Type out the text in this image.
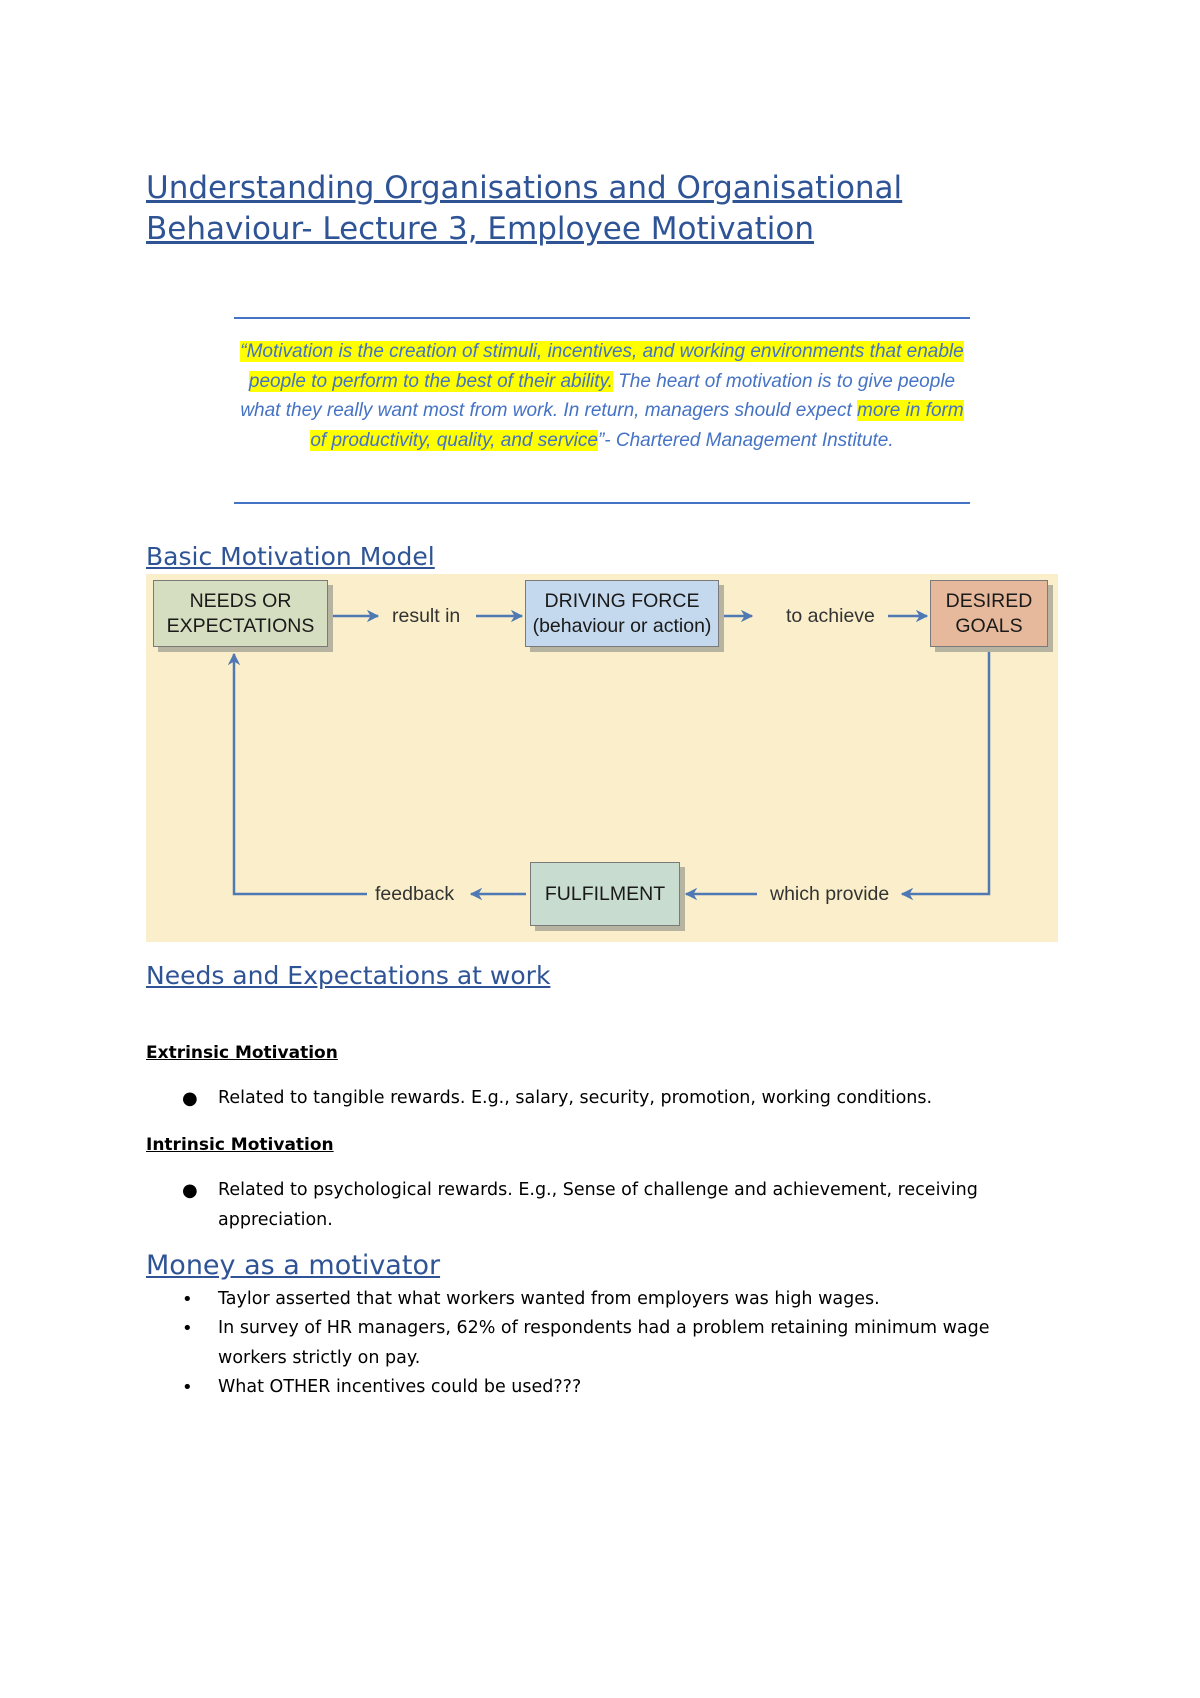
Understanding Organisations and Organisational
Behaviour- Lecture 3, Employee Motivation

“Motivation is the creation of stimuli, incentives, and working environments that enable people to perform to the best of their ability. The heart of motivation is to give people what they really want most from work. In return, managers should expect more in form of productivity, quality, and service”- Chartered Management Institute.

Basic Motivation Model
NEEDS OR
EXPECTATIONS
DRIVING FORCE
(behaviour or action)
DESIRED
GOALS
FULFILMENT
result in	to achieve
which provide
feedback
Needs and Expectations at work

Extrinsic Motivation

● Related to tangible rewards. E.g., salary, security, promotion, working conditions.

Intrinsic Motivation

● Related to psychological rewards. E.g., Sense of challenge and achievement, receiving appreciation.

Money as a motivator
• Taylor asserted that what workers wanted from employers was high wages.

• In survey of HR managers, 62% of respondents had a problem retaining minimum wage workers strictly on pay.

• What OTHER incentives could be used???
